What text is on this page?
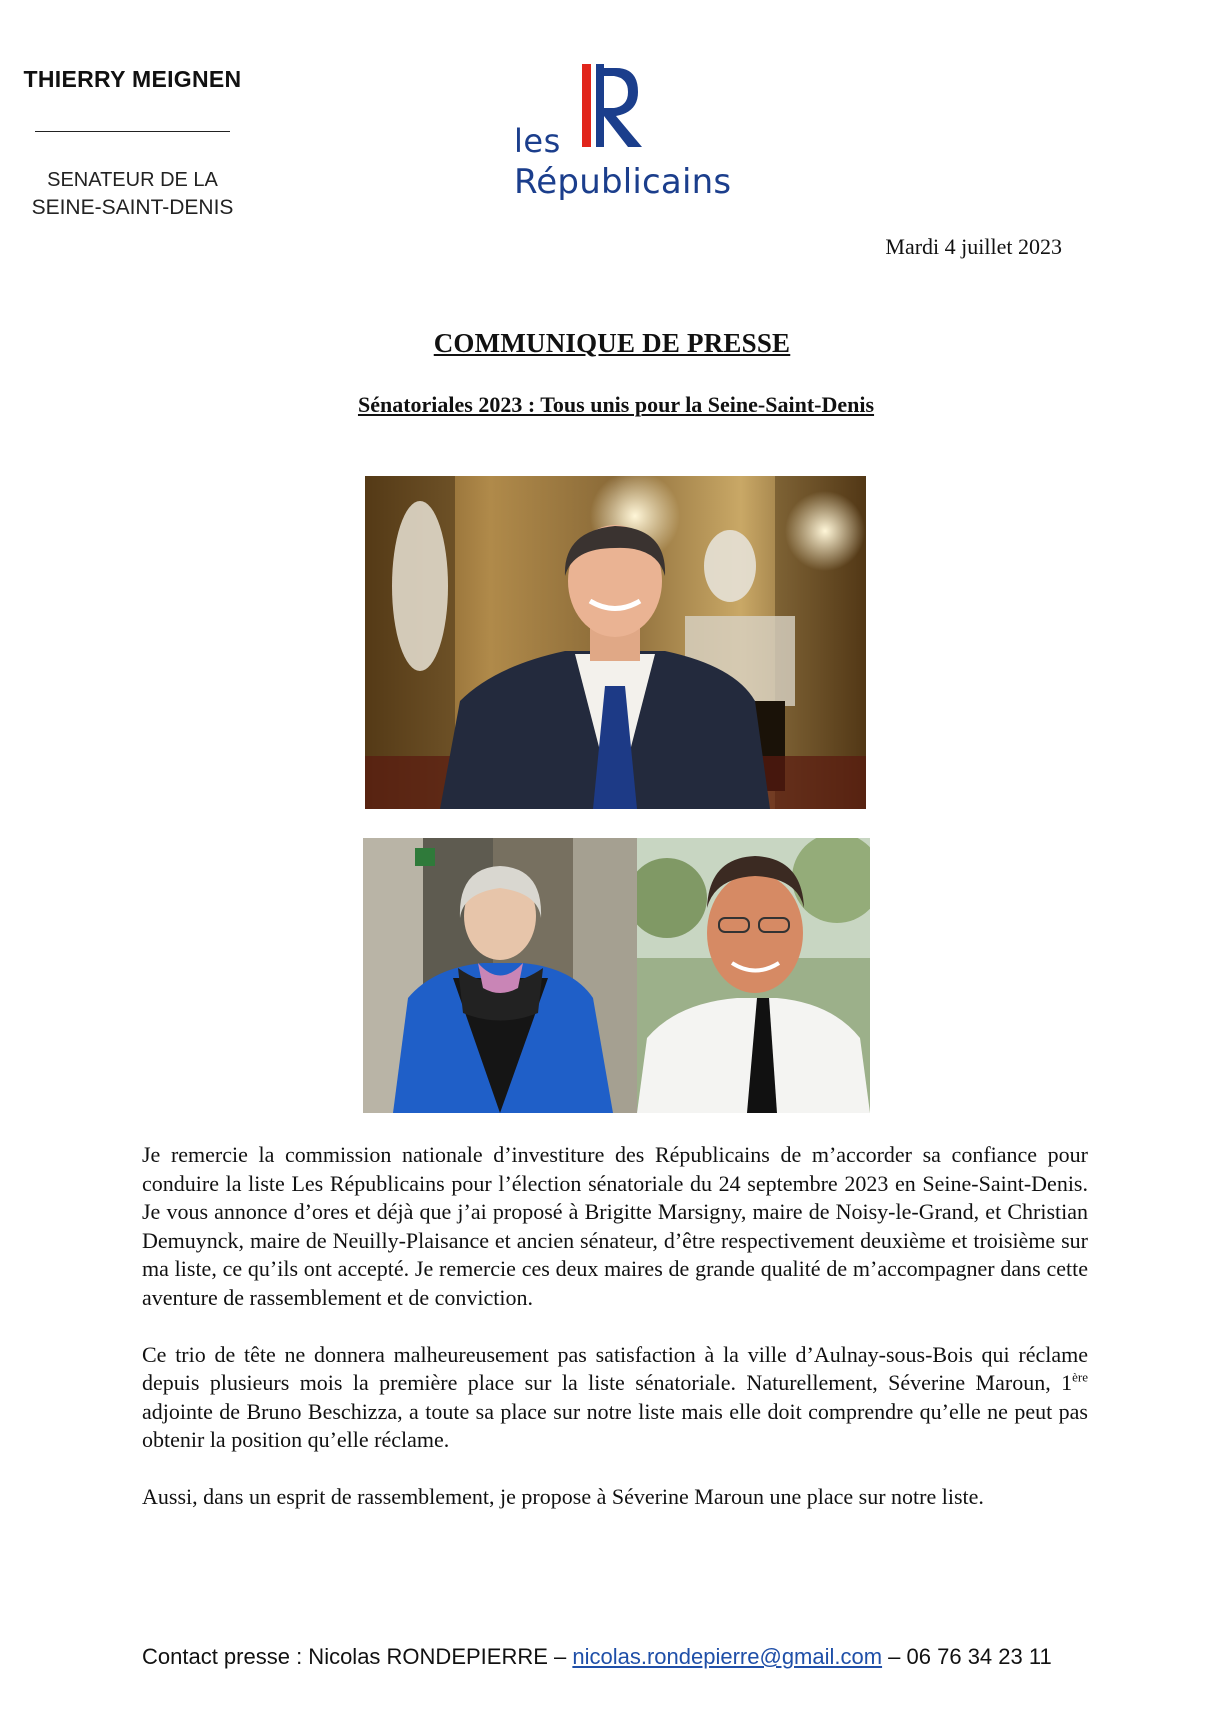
THIERRY MEIGNEN
SENATEUR DE LA
SEINE-SAINT-DENIS
les
Républicains
Mardi 4 juillet 2023
COMMUNIQUE DE PRESSE
Sénatoriales 2023 : Tous unis pour la Seine-Saint-Denis

Je remercie la commission nationale d’investiture des Républicains de m’accorder sa confiance pour conduire la liste Les Républicains pour l’élection sénatoriale du 24 septembre 2023 en Seine-Saint-Denis. Je vous annonce d’ores et déjà que j’ai proposé à Brigitte Marsigny, maire de Noisy-le-Grand, et Christian Demuynck, maire de Neuilly-Plaisance et ancien sénateur, d’être respectivement deuxième et troisième sur ma liste, ce qu’ils ont accepté. Je remercie ces deux maires de grande qualité de m’accompagner dans cette aventure de rassemblement et de conviction.

Ce trio de tête ne donnera malheureusement pas satisfaction à la ville d’Aulnay-sous-Bois qui réclame depuis plusieurs mois la première place sur la liste sénatoriale. Naturellement, Séverine Maroun, 1ère adjointe de Bruno Beschizza, a toute sa place sur notre liste mais elle doit comprendre qu’elle ne peut pas obtenir la position qu’elle réclame.

Aussi, dans un esprit de rassemblement, je propose à Séverine Maroun une place sur notre liste.

Contact presse : Nicolas RONDEPIERRE – nicolas.rondepierre@gmail.com – 06 76 34 23 11
